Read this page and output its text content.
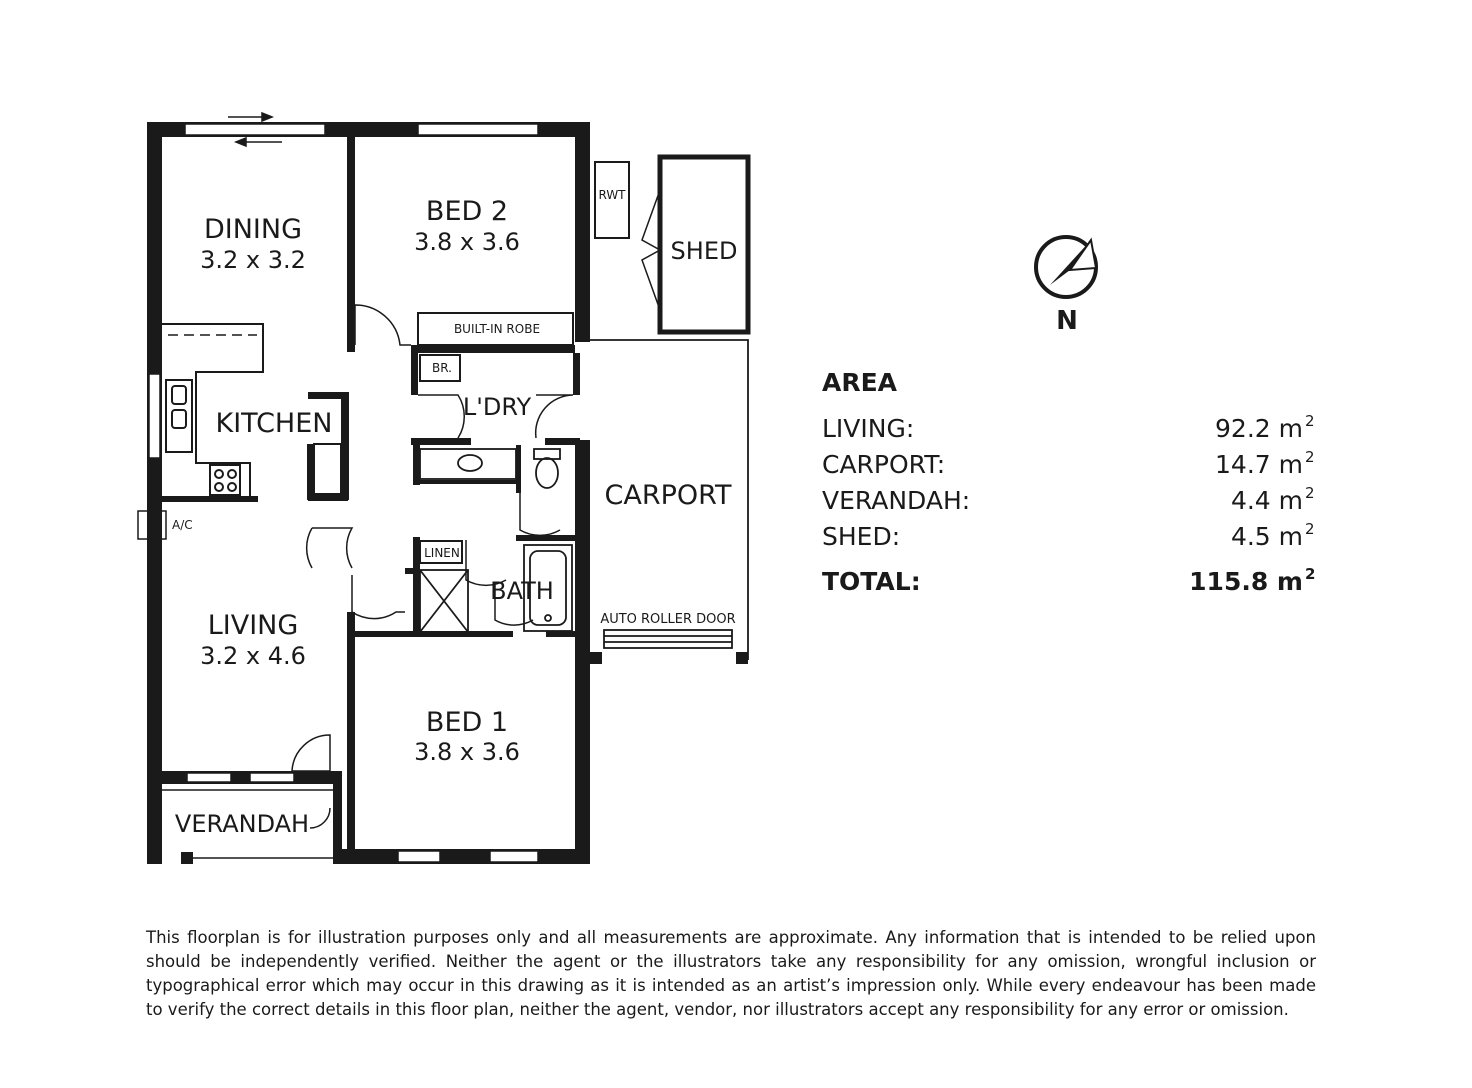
DINING
3.2 x 3.2
BED 2
3.8 x 3.6
KITCHEN
LIVING
3.2 x 4.6
BED 1
3.8 x 3.6
L'DRY
BATH
CARPORT
SHED
VERANDAH
RWT
BUILT-IN ROBE
BR.
LINEN
AUTO ROLLER DOOR
A/C
N
AREA
LIVING:	92.2 m 2
CARPORT:	14.7 m 2
VERANDAH:	4.4 m 2
SHED:	4.5 m 2
TOTAL:	115.8 m 2

This floorplan is for illustration purposes only and all measurements are approximate. Any information that is intended to be relied upon should be independently verified. Neither the agent or the illustrators take any responsibility for any omission, wrongful inclusion or typographical error which may occur in this drawing as it is intended as an artist’s impression only. While every endeavour has been made to verify the correct details in this floor plan, neither the agent, vendor, nor illustrators accept any responsibility for any error or omission.
